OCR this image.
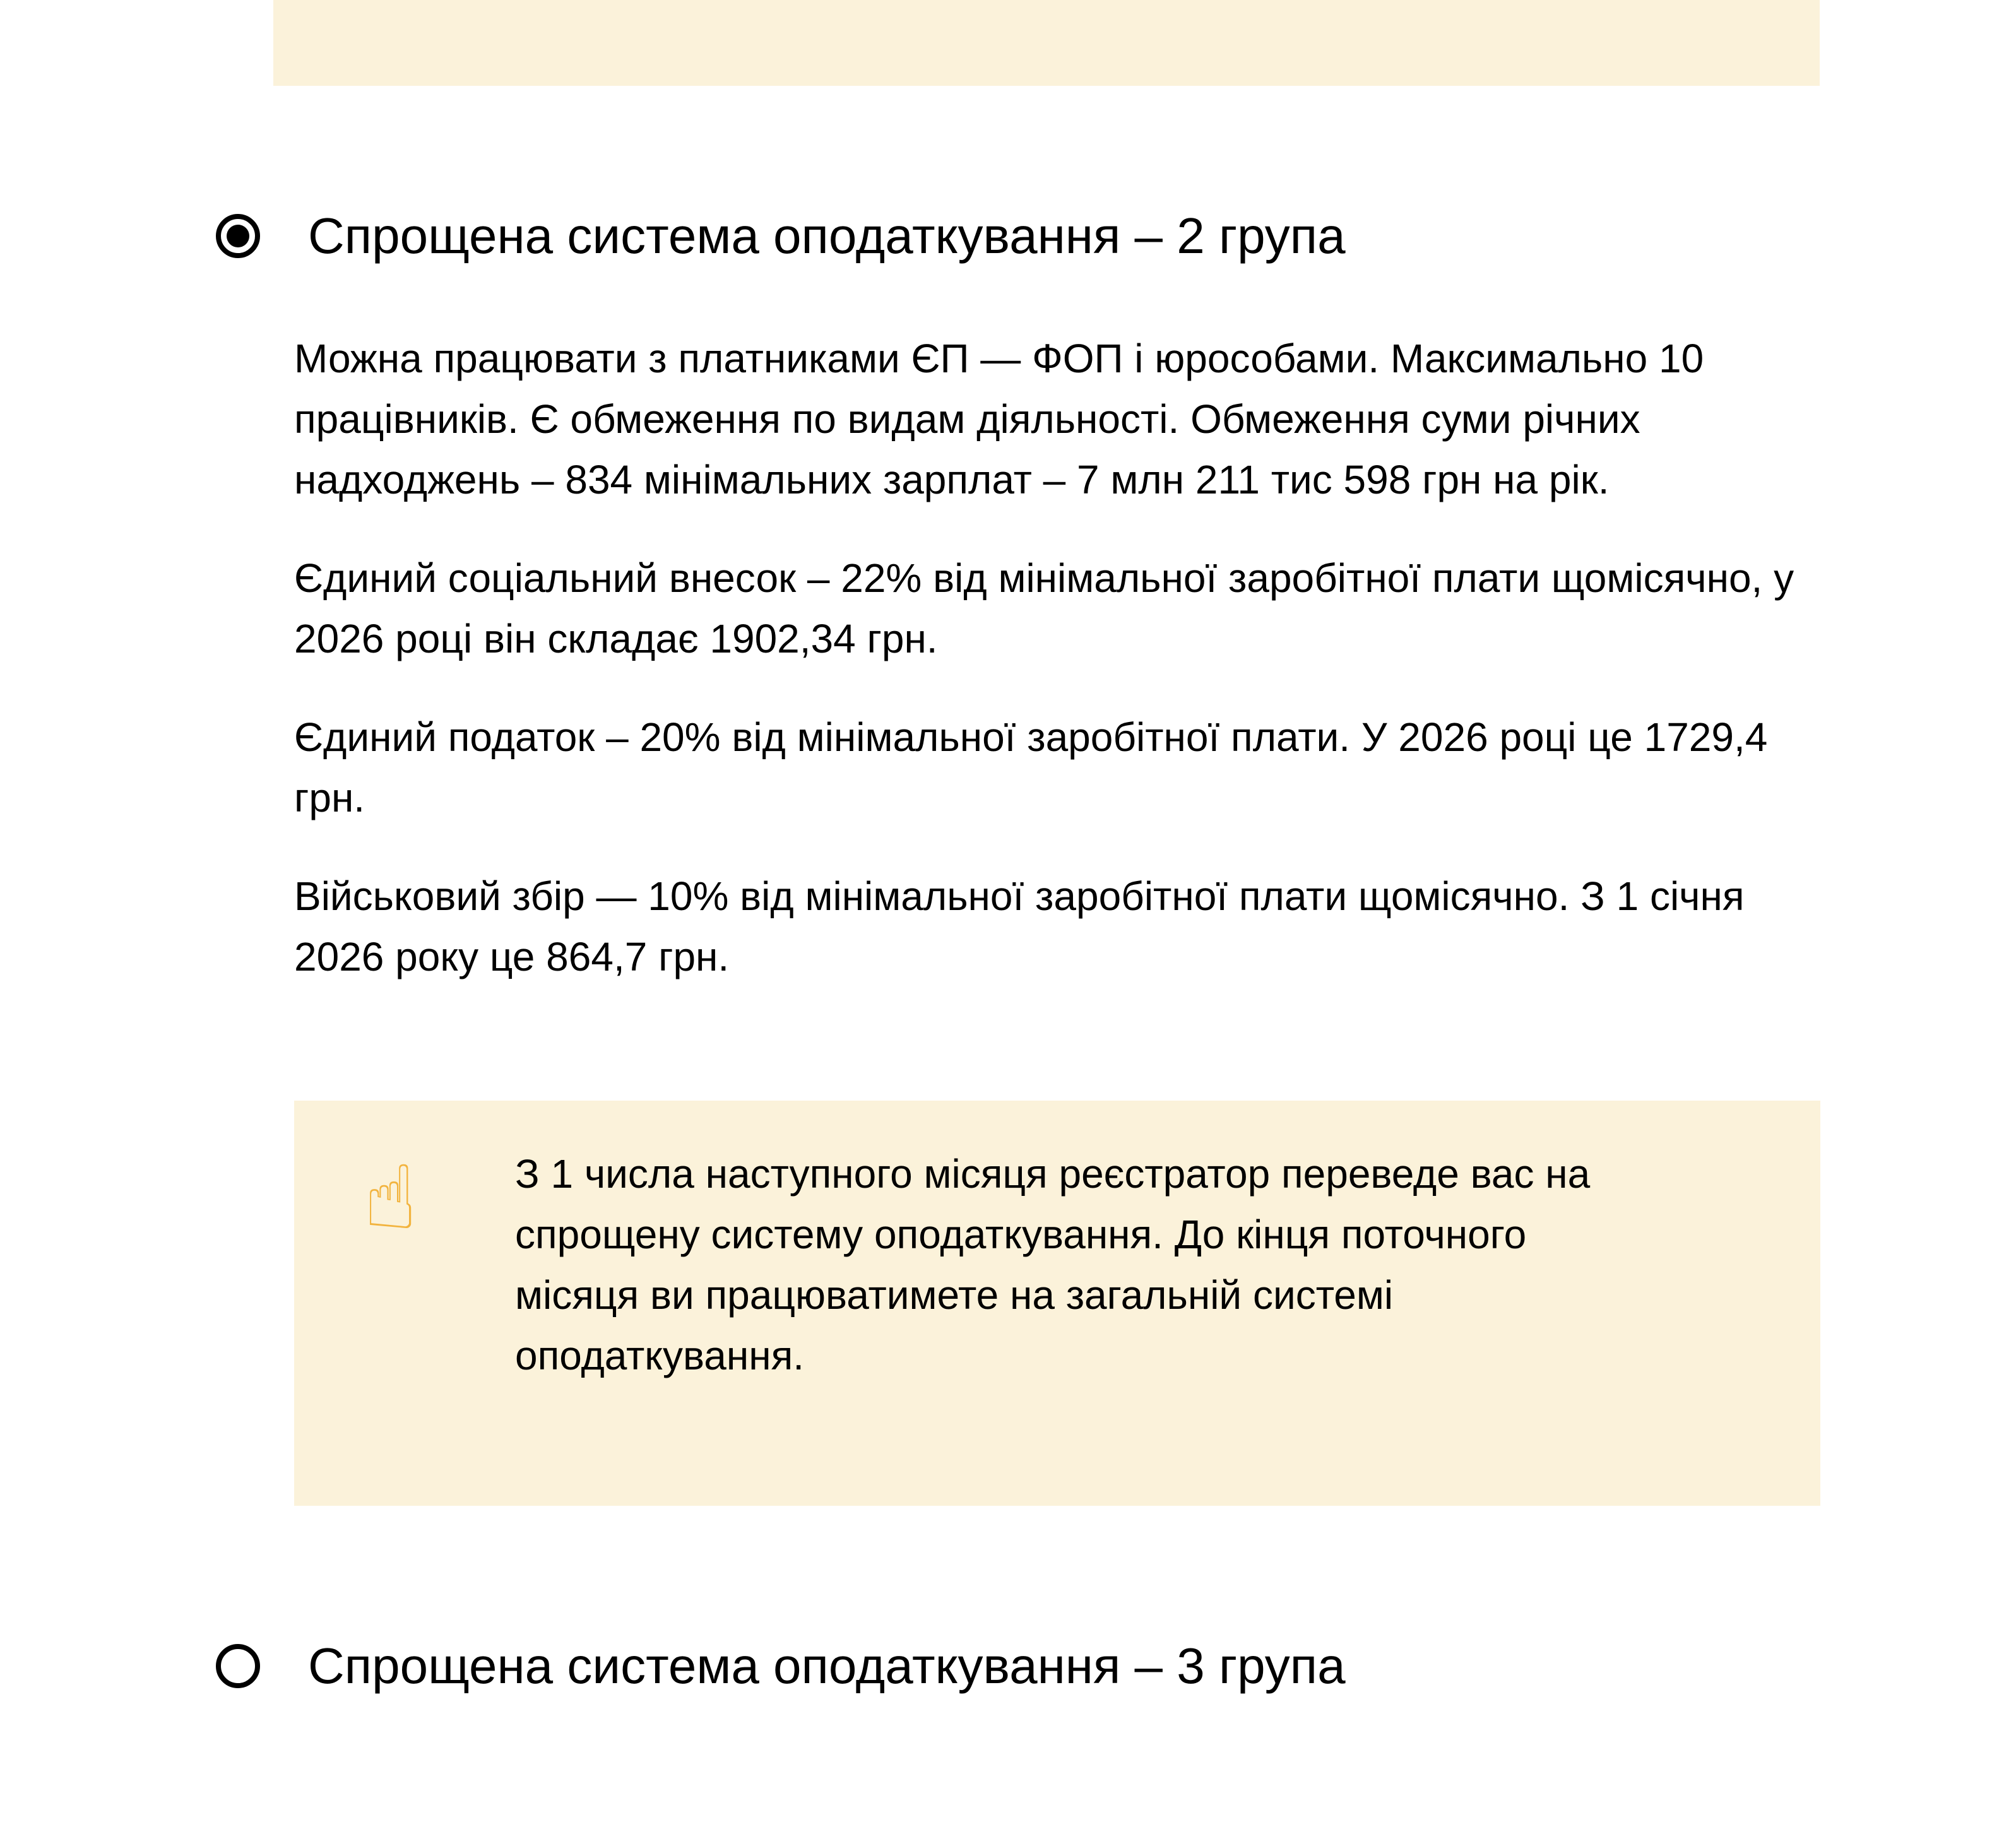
Спрощена система оподаткування – 2 група

Можна працювати з платниками ЄП — ФОП і юрособами. Максимально 10 працівників. Є обмеження по видам діяльності. Обмеження суми річних надходжень – 834 мінімальних зарплат – 7 млн 211 тис 598 грн на рік.

Єдиний соціальний внесок – 22% від мінімальної заробітної плати щомісячно, у 2026 році він складає 1902,34 грн.

Єдиний податок – 20% від мінімальної заробітної плати. У 2026 році це 1729,4 грн.

Військовий збір — 10% від мінімальної заробітної плати щомісячно. З 1 січня 2026 року це 864,7 грн.

☝	З 1 числа наступного місяця реєстратор переведе вас на спрощену систему оподаткування. До кінця поточного місяця ви працюватимете на загальній системі оподаткування.

Спрощена система оподаткування – 3 група
